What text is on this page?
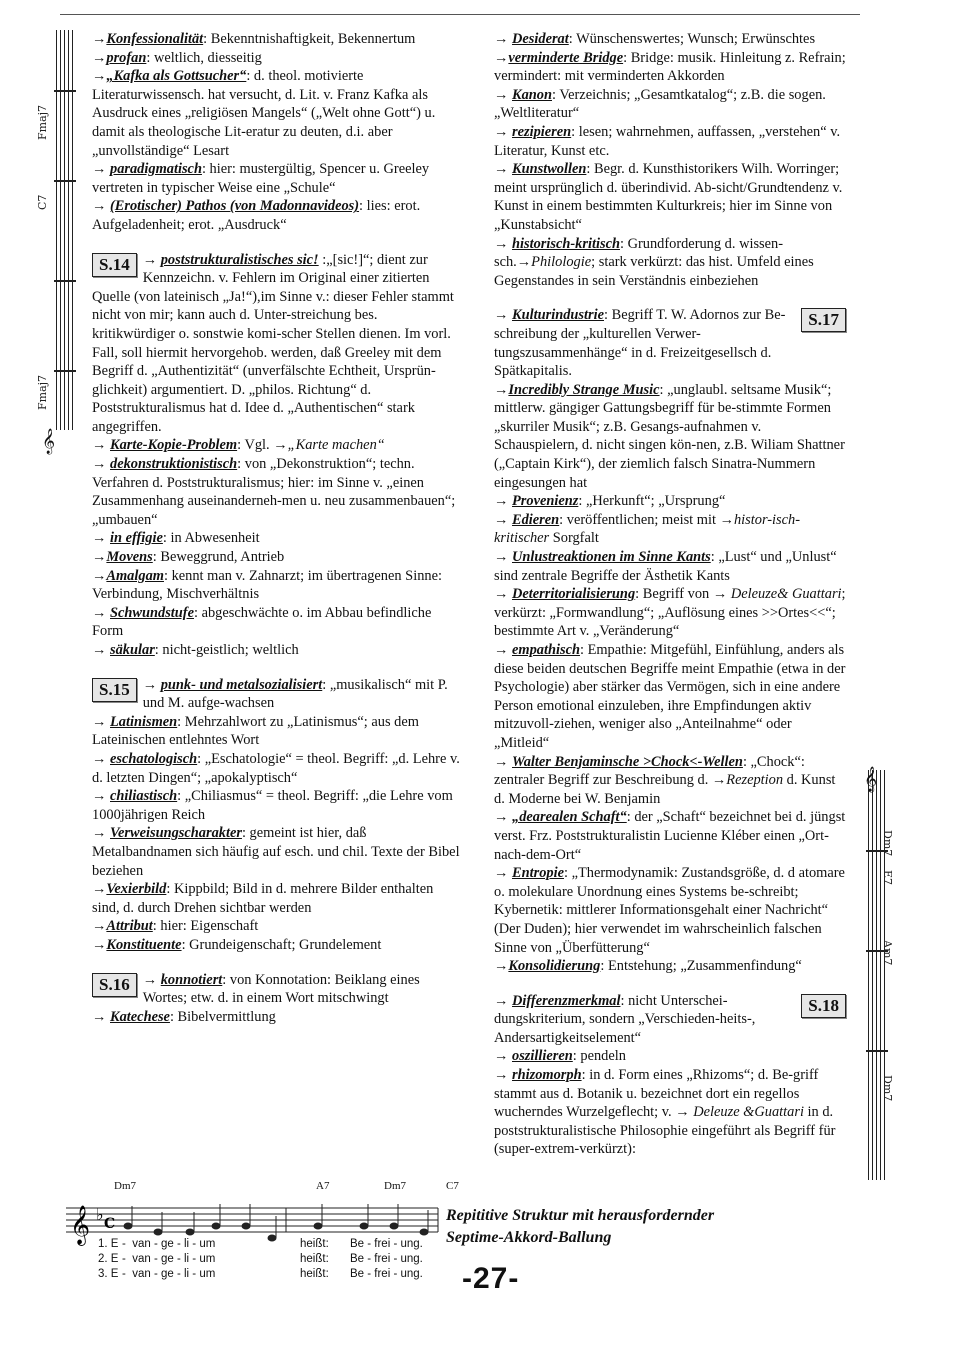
𝄞
Fmaj7
C7
Fmaj7
𝄞
Dm7
E7
Am7
Dm7
→Konfessionalität: Bekenntnishaftigkeit, Bekennertum
→profan: weltlich, diesseitig
→„Kafka als Gottsucher“: d. theol. motivierte Literaturwissensch. hat versucht, d. Lit. v. Franz Kafka als Ausdruck eines „religiösen Mangels“ („Welt ohne Gott“) u. damit als theologische Lit-eratur zu deuten, d.i. aber „unvollständige“ Lesart
→ paradigmatisch: hier: mustergültig, Spencer u. Greeley vertreten in typischer Weise eine „Schule“
→ (Erotischer) Pathos (von Madonnavideos): lies: erot. Aufgeladenheit; erot. „Ausdruck“
S.14 → poststrukturalistisches sic! :„[sic!]“; dient zur Kennzeichn. v. Fehlern im Original einer zitierten Quelle (von lateinisch „Ja!“),im Sinne v.: dieser Fehler stammt nicht von mir; kann auch d. Unter-streichung bes. kritikwürdiger o. sonstwie komi-scher Stellen dienen. Im vorl. Fall, soll hiermit hervorgehob. werden, daß Greeley mit dem Begriff d. „Authentizität“ (unverfälschte Echtheit, Ursprün-glichkeit) argumentiert. D. „philos. Richtung“ d. Poststrukturalismus hat d. Idee d. „Authentischen“ stark angegriffen.
→ Karte-Kopie-Problem: Vgl. →„Karte machen“
→ dekonstruktionistisch: von „Dekonstruktion“; techn. Verfahren d. Poststrukturalismus; hier: im Sinne v. „einen Zusammenhang auseinanderneh-men u. neu zusammenbauen“; „umbauen“
→ in effigie: in Abwesenheit
→Movens: Beweggrund, Antrieb
→Amalgam: kennt man v. Zahnarzt; im übertragenen Sinne: Verbindung, Mischverhältnis
→ Schwundstufe: abgeschwächte o. im Abbau befindliche Form
→ säkular: nicht-geistlich; weltlich
S.15 → punk- und metalsozialisiert: „musikalisch“ mit P. und M. aufge-wachsen
→ Latinismen: Mehrzahlwort zu „Latinismus“; aus dem Lateinischen entlehntes Wort
→ eschatologisch: „Eschatologie“ = theol. Begriff: „d. Lehre v. d. letzten Dingen“; „apokalyptisch“
→ chiliastisch: „Chiliasmus“ = theol. Begriff: „die Lehre vom 1000jährigen Reich
→ Verweisungscharakter: gemeint ist hier, daß Metalbandnamen sich häufig auf esch. und chil. Texte der Bibel beziehen
→Vexierbild: Kippbild; Bild in d. mehrere Bilder enthalten sind, d. durch Drehen sichtbar werden
→Attribut: hier: Eigenschaft
→Konstituente: Grundeigenschaft; Grundelement
S.16 → konnotiert: von Konnotation: Beiklang eines Wortes; etw. d. in einem Wort mitschwingt
→ Katechese: Bibelvermittlung
→ Desiderat: Wünschenswertes; Wunsch; Erwünschtes
→verminderte Bridge: Bridge: musik. Hinleitung z. Refrain; vermindert: mit verminderten Akkorden
→ Kanon: Verzeichnis; „Gesamtkatalog“; z.B. die sogen. „Weltliteratur“
→ rezipieren: lesen; wahrnehmen, auffassen, „verstehen“ v. Literatur, Kunst etc.
→ Kunstwollen: Begr. d. Kunsthistorikers Wilh. Worringer; meint ursprünglich d. überindivid. Ab-sicht/Grundtendenz v. Kunst in einem bestimmten Kulturkreis; hier im Sinne von „Kunstabsicht“
→ historisch-kritisch: Grundforderung d. wissen-sch.→Philologie; stark verkürzt: das hist. Umfeld eines Gegenstandes in sein Verständnis einbeziehen
S.17
→ Kulturindustrie: Begriff T. W. Adornos zur Be-schreibung der „kulturellen Verwer-tungszusammenhänge“ in d. Freizeitgesellsch d. Spätkapitalis.
→Incredibly Strange Music: „unglaubl. seltsame Musik“; mittlerw. gängiger Gattungsbegriff für be-stimmte Formen „skurriler Musik“; z.B. Gesangs-aufnahmen v. Schauspielern, d. nicht singen kön-nen, z.B. Wiliam Shattner („Captain Kirk“), der ziemlich falsch Sinatra-Nummern eingesungen hat
→ Provenienz: „Herkunft“; „Ursprung“
→ Edieren: veröffentlichen; meist mit →histor-isch-kritischer Sorgfalt
→ Unlustreaktionen im Sinne Kants: „Lust“ und „Unlust“ sind zentrale Begriffe der Ästhetik Kants
→ Deterritorialisierung: Begriff von → Deleuze& Guattari; verkürzt: „Formwandlung“; „Auflösung eines >>Ortes<<“; bestimmte Art v. „Veränderung“
→ empathisch: Empathie: Mitgefühl, Einfühlung, anders als diese beiden deutschen Begriffe meint Empathie (etwa in der Psychologie) aber stärker das Vermögen, sich in eine andere Person emotional einzuleben, ihre Empfindungen aktiv mitzuvoll-ziehen, weniger also „Anteilnahme“ oder „Mitleid“
→ Walter Benjaminsche >Chock<-Wellen: „Chock“: zentraler Begriff zur Beschreibung d. →Rezeption d. Kunst d. Moderne bei W. Benjamin
→ „dearealen Schaft“: der „Schaft“ bezeichnet bei d. jüngst verst. Frz. Poststrukturalistin Lucienne Kléber einen „Ort-nach-dem-Ort“
→ Entropie: „Thermodynamik: Zustandsgröße, d. d atomare o. molekulare Unordnung eines Systems be-schreibt; Kybernetik: mittlerer Informationsgehalt einer Nachricht“ (Der Duden); hier verwendet im wahrscheinlich falschen Sinne von „Überfütterung“
→Konsolidierung: Entstehung; „Zusammenfindung“
S.18
→ Differenzmerkmal: nicht Unterschei-dungskriterium, sondern „Verschieden-heits-, Andersartigkeitselement“
→ oszillieren: pendeln
→ rhizomorph: in d. Form eines „Rhizoms“; d. Be-griff stammt aus d. Botanik u. bezeichnet dort ein regellos wucherndes Wurzelgeflecht; v. → Deleuze &Guattari in d. poststrukturalistische Philosophie eingeführt als Begriff für (super-extrem-verkürzt):
Dm7	A7	Dm7	C7
𝄞 ♭ C
1. E -  van - ge - li - um	heißt: Be - frei - ung.
2. E -  van - ge - li - um	heißt: Be - frei - ung.
3. E -  van - ge - li - um	heißt: Be - frei - ung.
Repititive Struktur mit herausfordernder
Septime-Akkord-Ballung
-27-
